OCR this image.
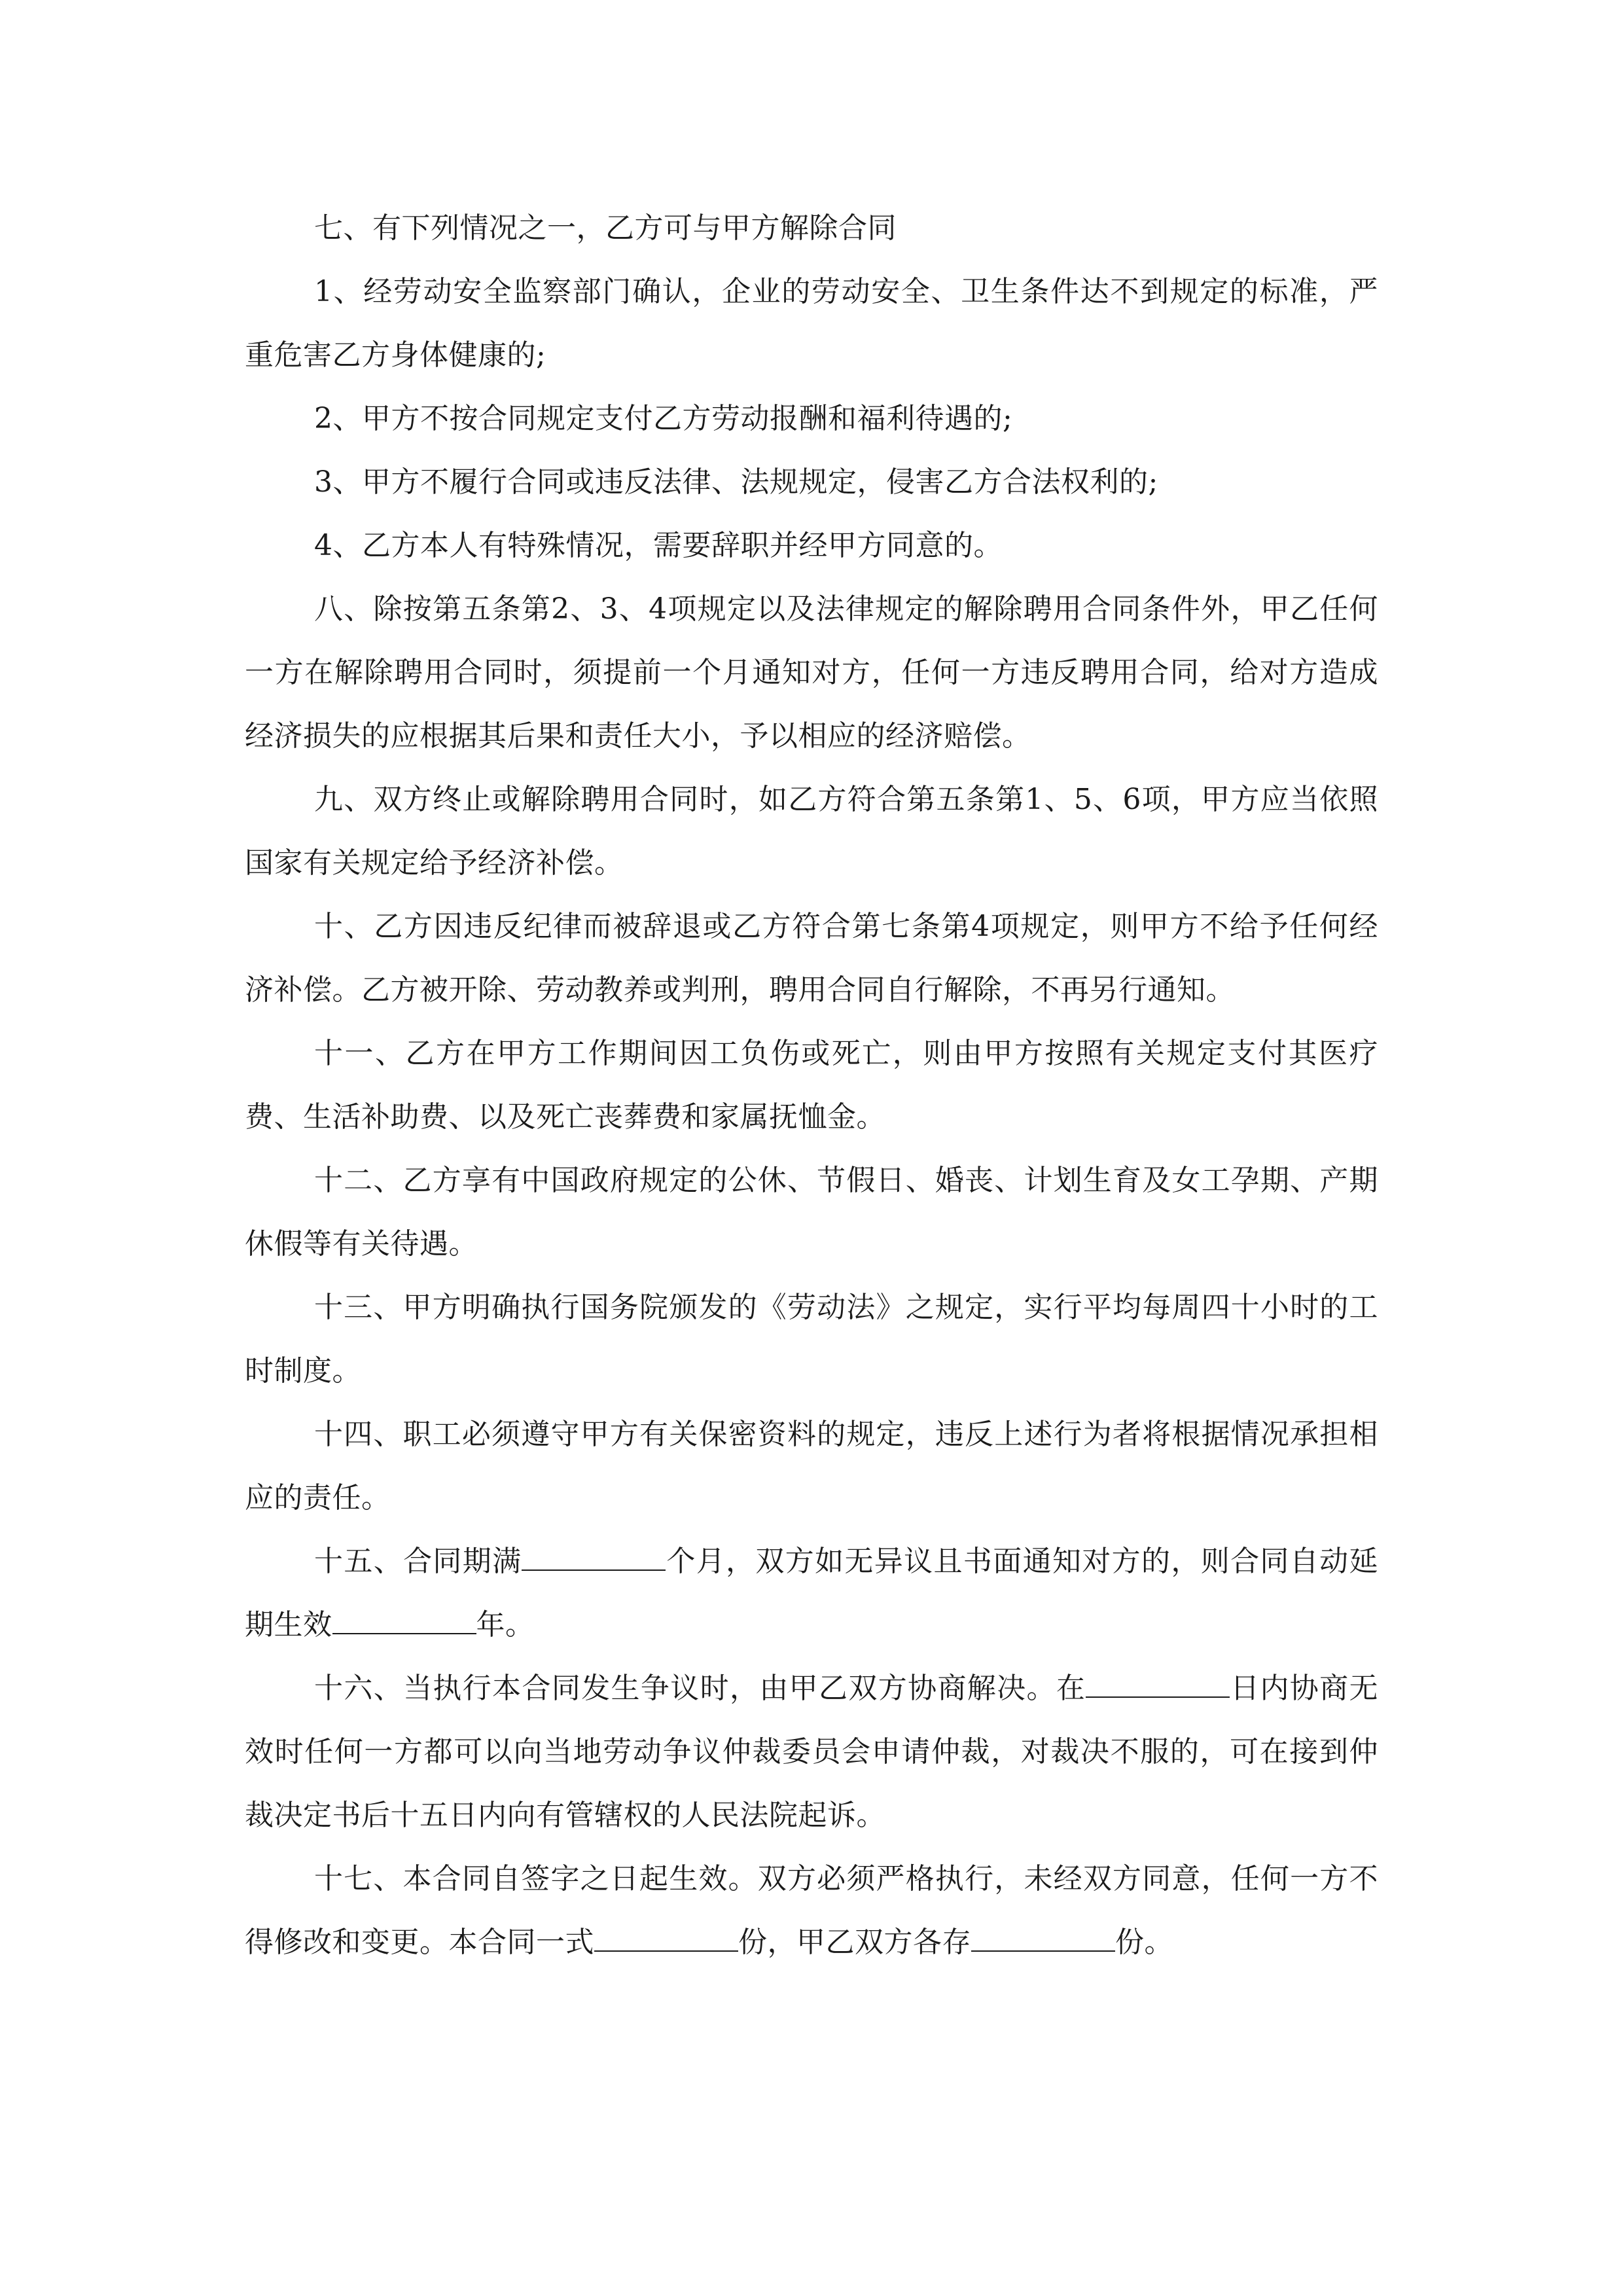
七、有下列情况之一，乙方可与甲方解除合同

1、经劳动安全监察部门确认，企业的劳动安全、卫生条件达不到规定的标准，严重危害乙方身体健康的;

2、甲方不按合同规定支付乙方劳动报酬和福利待遇的;

3、甲方不履行合同或违反法律、法规规定，侵害乙方合法权利的;

4、乙方本人有特殊情况，需要辞职并经甲方同意的。

八、除按第五条第2、3、4项规定以及法律规定的解除聘用合同条件外，甲乙任何一方在解除聘用合同时，须提前一个月通知对方，任何一方违反聘用合同，给对方造成经济损失的应根据其后果和责任大小，予以相应的经济赔偿。

九、双方终止或解除聘用合同时，如乙方符合第五条第1、5、6项，甲方应当依照国家有关规定给予经济补偿。

十、乙方因违反纪律而被辞退或乙方符合第七条第4项规定，则甲方不给予任何经济补偿。乙方被开除、劳动教养或判刑，聘用合同自行解除，不再另行通知。

十一、乙方在甲方工作期间因工负伤或死亡，则由甲方按照有关规定支付其医疗费、生活补助费、以及死亡丧葬费和家属抚恤金。

十二、乙方享有中国政府规定的公休、节假日、婚丧、计划生育及女工孕期、产期休假等有关待遇。

十三、甲方明确执行国务院颁发的《劳动法》之规定，实行平均每周四十小时的工时制度。

十四、职工必须遵守甲方有关保密资料的规定，违反上述行为者将根据情况承担相应的责任。

十五、合同期满	个月，双方如无异议且书面通知对方的，则合同自动延期生效	年。

十六、当执行本合同发生争议时，由甲乙双方协商解决。在	日内协商无效时任何一方都可以向当地劳动争议仲裁委员会申请仲裁，对裁决不服的，可在接到仲裁决定书后十五日内向有管辖权的人民法院起诉。

十七、本合同自签字之日起生效。双方必须严格执行，未经双方同意，任何一方不得修改和变更。本合同一式	份，甲乙双方各存	份。
